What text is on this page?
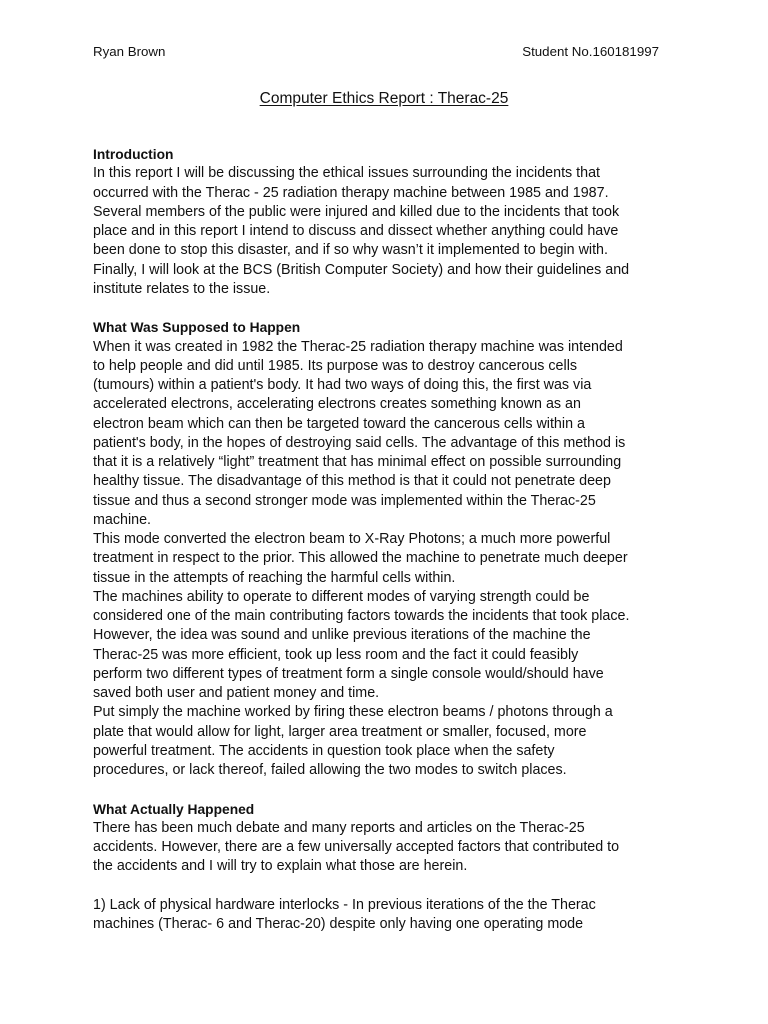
Ryan Brown	Student No.160181997
Computer Ethics Report : Therac-25
Introduction
In this report I will be discussing the ethical issues surrounding the incidents that
occurred with the Therac - 25 radiation therapy machine between 1985 and 1987.
Several members of the public were injured and killed due to the incidents that took
place and in this report I intend to discuss and dissect whether anything could have
been done to stop this disaster, and if so why wasn’t it implemented to begin with.
Finally, I will look at the BCS (British Computer Society) and how their guidelines and
institute relates to the issue.
What Was Supposed to Happen
When it was created in 1982 the Therac-25 radiation therapy machine was intended
to help people and did until 1985. Its purpose was to destroy cancerous cells
(tumours) within a patient's body. It had two ways of doing this, the first was via
accelerated electrons, accelerating electrons creates something known as an
electron beam which can then be targeted toward the cancerous cells within a
patient's body, in the hopes of destroying said cells. The advantage of this method is
that it is a relatively “light” treatment that has minimal effect on possible surrounding
healthy tissue. The disadvantage of this method is that it could not penetrate deep
tissue and thus a second stronger mode was implemented within the Therac-25
machine.
This mode converted the electron beam to X-Ray Photons; a much more powerful
treatment in respect to the prior. This allowed the machine to penetrate much deeper
tissue in the attempts of reaching the harmful cells within.
The machines ability to operate to different modes of varying strength could be
considered one of the main contributing factors towards the incidents that took place.
However, the idea was sound and unlike previous iterations of the machine the
Therac-25 was more efficient, took up less room and the fact it could feasibly
perform two different types of treatment form a single console would/should have
saved both user and patient money and time.
Put simply the machine worked by firing these electron beams / photons through a
plate that would allow for light, larger area treatment or smaller, focused, more
powerful treatment. The accidents in question took place when the safety
procedures, or lack thereof, failed allowing the two modes to switch places.
What Actually Happened
There has been much debate and many reports and articles on the Therac-25
accidents. However, there are a few universally accepted factors that contributed to
the accidents and I will try to explain what those are herein.
1) Lack of physical hardware interlocks - In previous iterations of the the Therac
machines (Therac- 6 and Therac-20) despite only having one operating mode
